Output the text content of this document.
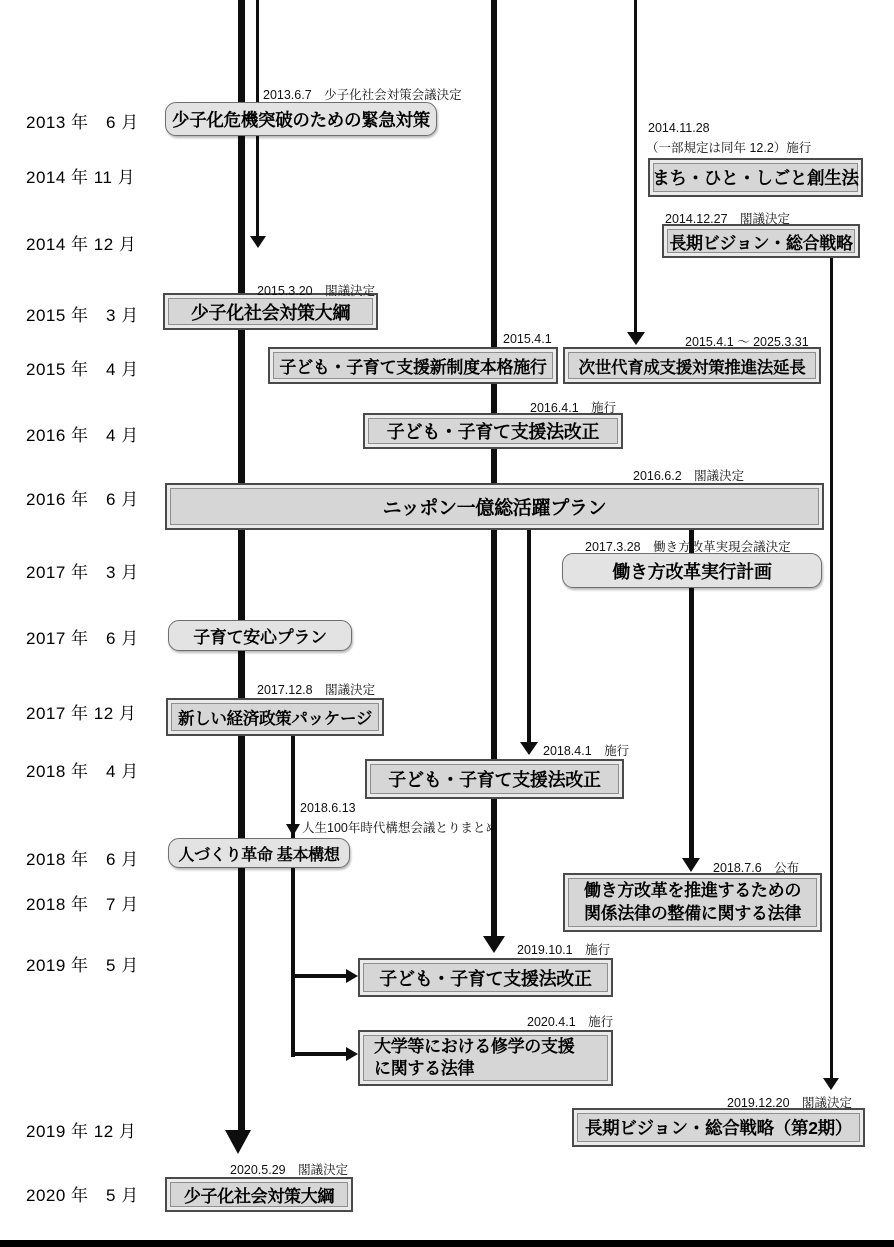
2013 年　6 月
2014 年 11 月
2014 年 12 月
2015 年　3 月
2015 年　4 月
2016 年　4 月
2016 年　6 月
2017 年　3 月
2017 年　6 月
2017 年 12 月
2018 年　4 月
2018 年　6 月
2018 年　7 月
2019 年　5 月
2019 年 12 月
2020 年　5 月
少子化危機突破のための緊急対策
まち・ひと・しごと創生法
長期ビジョン・総合戦略
少子化社会対策大綱
子ども・子育て支援新制度本格施行	次世代育成支援対策推進法延長
子ども・子育て支援法改正
ニッポン一億総活躍プラン
働き方改革実行計画
子育て安心プラン
新しい経済政策パッケージ
子ども・子育て支援法改正
人づくり革命 基本構想
働き方改革を推進するための
関係法律の整備に関する法律
子ども・子育て支援法改正
大学等における修学の支援
に関する法律
長期ビジョン・総合戦略（第2期）
少子化社会対策大綱
2013.6.7　少子化社会対策会議決定
2014.11.28
（一部規定は同年 12.2）施行
2014.12.27　閣議決定
2015.3.20　閣議決定
2015.4.1	2015.4.1 ～ 2025.3.31
2016.4.1　施行
2016.6.2　閣議決定
2017.3.28　働き方改革実現会議決定
2017.12.8　閣議決定
2018.4.1　施行
2018.6.13
人生100年時代構想会議とりまとめ
2018.7.6　公布
2019.10.1　施行
2020.4.1　施行
2019.12.20　閣議決定
2020.5.29　閣議決定
